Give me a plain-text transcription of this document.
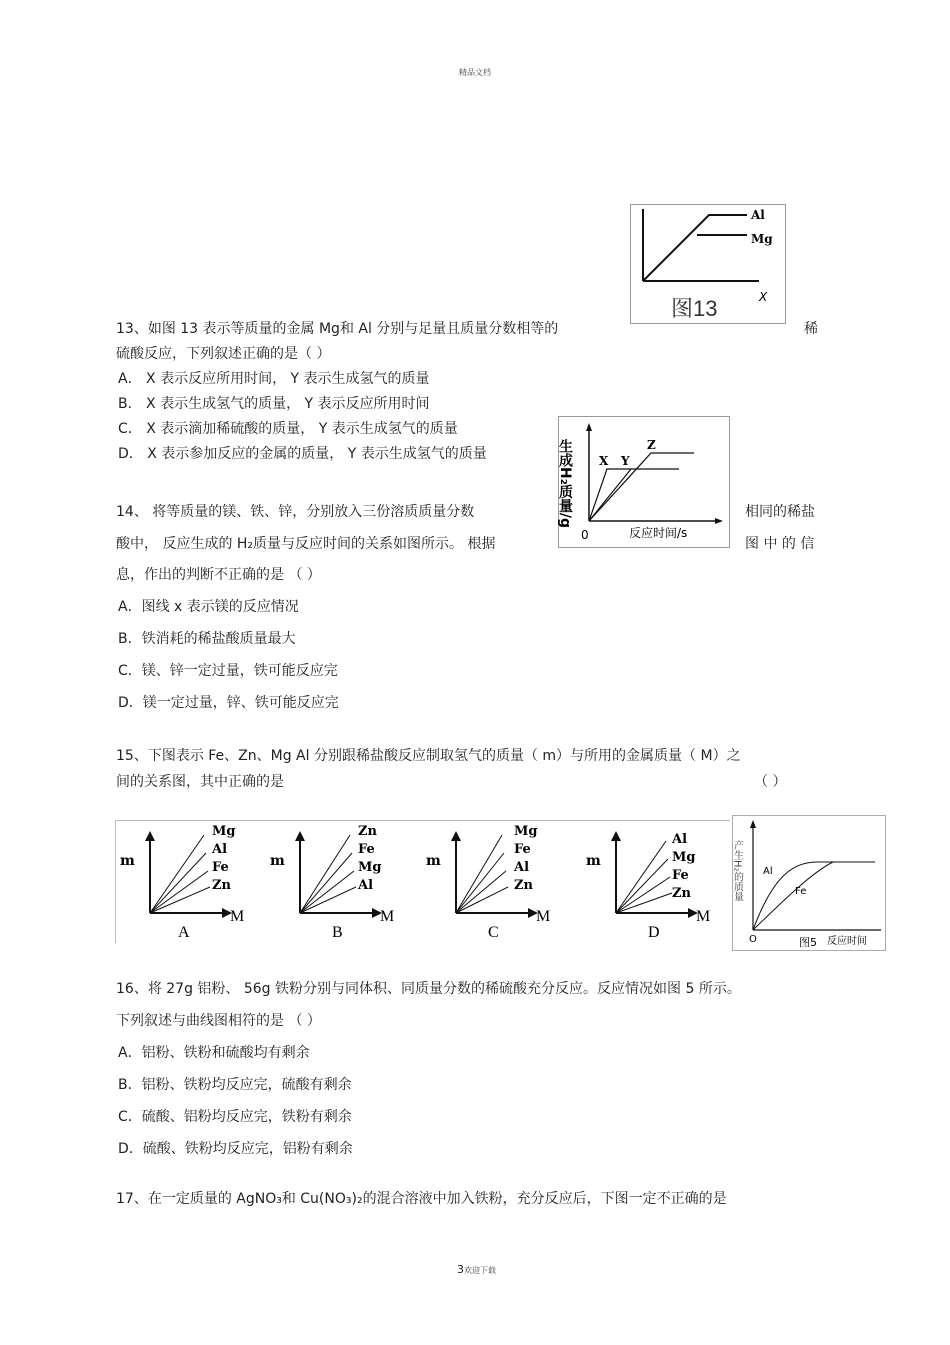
精品文档
Al
Mg
图13	X
13、如图 13 表示等质量的金属 Mg和 Al 分别与足量且质量分数相等的	稀
硫酸反应，下列叙述正确的是（ ）
A． X 表示反应所用时间， Y 表示生成氢气的质量
B． X 表示生成氢气的质量， Y 表示反应所用时间
C． X 表示滴加稀硫酸的质量， Y 表示生成氢气的质量
D． X 表示参加反应的金属的质量， Y 表示生成氢气的质量	生成H₂质量/g X Y
Z
0	反应时间/s
14、 将等质量的镁、铁、锌，分别放入三份溶质质量分数	相同的稀盐
酸中， 反应生成的 H₂质量与反应时间的关系如图所示。 根据	图 中 的 信
息，作出的判断不正确的是 （ ）
A．图线 x 表示镁的反应情况
B．铁消耗的稀盐酸质量最大
C．镁、锌一定过量，铁可能反应完
D．镁一定过量，锌、铁可能反应完
15、下图表示 Fe、Zn、Mg Al 分别跟稀盐酸反应制取氢气的质量（ m）与所用的金属质量（ M）之
间的关系图，其中正确的是	（ ）
m
Mg
Al
Fe
Zn
M
A
m
Zn
Fe
Mg
Al
M
B
m
Mg
Fe
Al
Zn
M
C
m
Al
Mg
Fe
Zn
M
D
产生H₂的质量 Al
Fe
O	图5 反应时间
16、将 27g 铝粉、 56g 铁粉分别与同体积、同质量分数的稀硫酸充分反应。反应情况如图 5 所示。
下列叙述与曲线图相符的是 （ ）
A．铝粉、铁粉和硫酸均有剩余
B．铝粉、铁粉均反应完，硫酸有剩余
C．硫酸、铝粉均反应完，铁粉有剩余
D．硫酸、铁粉均反应完，铝粉有剩余
17、在一定质量的 AgNO₃和 Cu(NO₃)₂的混合溶液中加入铁粉，充分反应后，下图一定不正确的是
3欢迎下载
